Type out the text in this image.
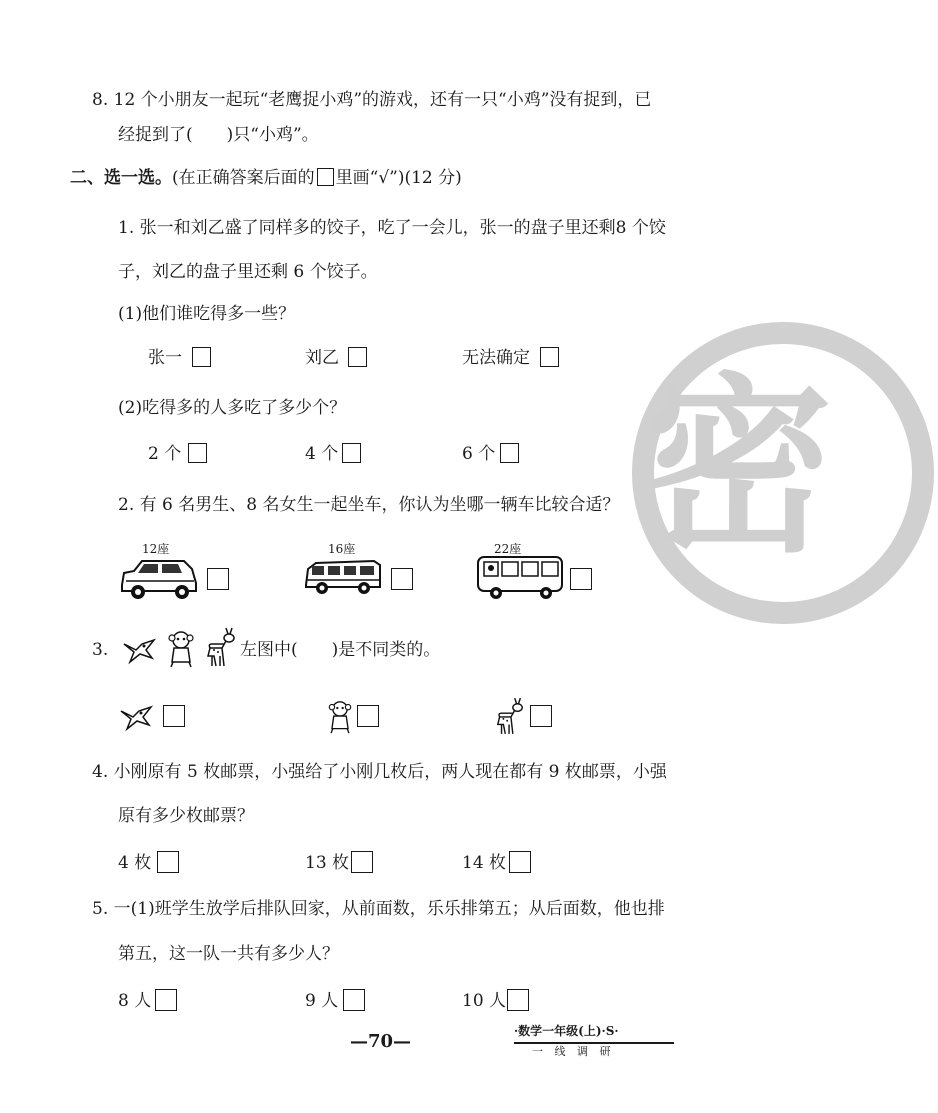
密
8. 12 个小朋友一起玩“老鹰捉小鸡”的游戏，还有一只“小鸡”没有捉到，已
经捉到了(　　)只“小鸡”。
二、选一选。(在正确答案后面的 里画“√”)(12 分)
1. 张一和刘乙盛了同样多的饺子，吃了一会儿，张一的盘子里还剩8 个饺
子，刘乙的盘子里还剩 6 个饺子。
(1)他们谁吃得多一些？
张一	刘乙	无法确定
(2)吃得多的人多吃了多少个？
2 个	4 个	6 个
2. 有 6 名男生、8 名女生一起坐车，你认为坐哪一辆车比较合适？
12座	16座	22座
3.	左图中(　　)是不同类的。
4. 小刚原有 5 枚邮票，小强给了小刚几枚后，两人现在都有 9 枚邮票，小强
原有多少枚邮票？
4 枚	13 枚	14 枚
5. 一(1)班学生放学后排队回家，从前面数，乐乐排第五；从后面数，他也排
第五，这一队一共有多少人？
8 人	9 人	10 人
—70—	·数学一年级(上)·S·
一 线 调 研
